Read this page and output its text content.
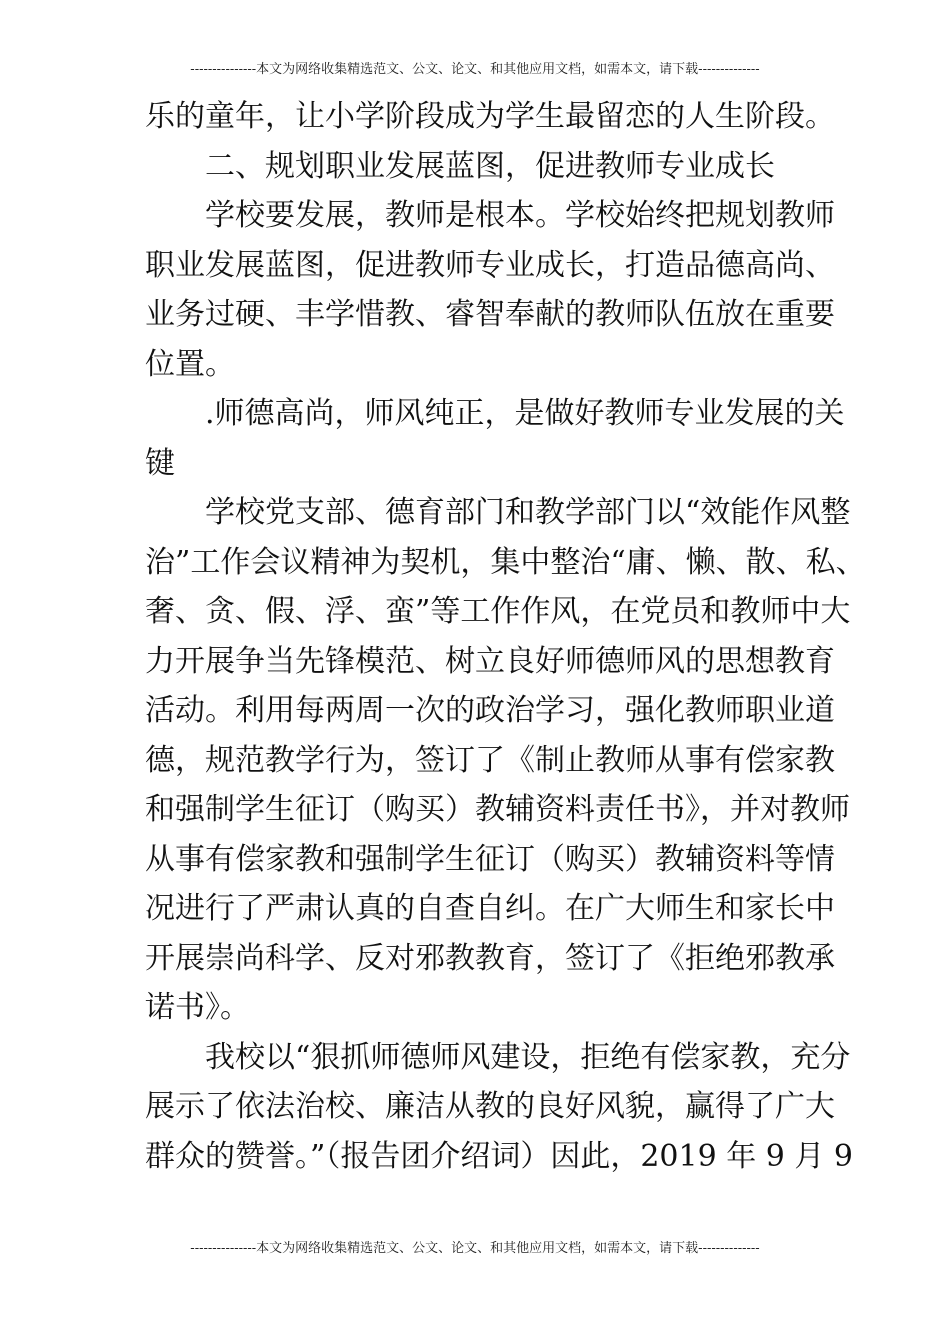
---------------本文为网络收集精选范文、公文、论文、和其他应用文档，如需本文，请下载--------------
乐的童年，让小学阶段成为学生最留恋的人生阶段。
二、规划职业发展蓝图，促进教师专业成长
学校要发展，教师是根本。学校始终把规划教师
职业发展蓝图，促进教师专业成长，打造品德高尚、
业务过硬、丰学惜教、睿智奉献的教师队伍放在重要
位置。
.师德高尚，师风纯正，是做好教师专业发展的关
键
学校党支部、德育部门和教学部门以“效能作风整
治”工作会议精神为契机，集中整治“庸、懒、散、私、
奢、贪、假、浮、蛮”等工作作风，在党员和教师中大
力开展争当先锋模范、树立良好师德师风的思想教育
活动。利用每两周一次的政治学习，强化教师职业道
德，规范教学行为，签订了《制止教师从事有偿家教
和强制学生征订（购买）教辅资料责任书》，并对教师
从事有偿家教和强制学生征订（购买）教辅资料等情
况进行了严肃认真的自查自纠。在广大师生和家长中
开展崇尚科学、反对邪教教育，签订了《拒绝邪教承
诺书》。
我校以“狠抓师德师风建设，拒绝有偿家教，充分
展示了依法治校、廉洁从教的良好风貌，赢得了广大
群众的赞誉。”（报告团介绍词）因此，2019 年 9 月 9
---------------本文为网络收集精选范文、公文、论文、和其他应用文档，如需本文，请下载--------------
